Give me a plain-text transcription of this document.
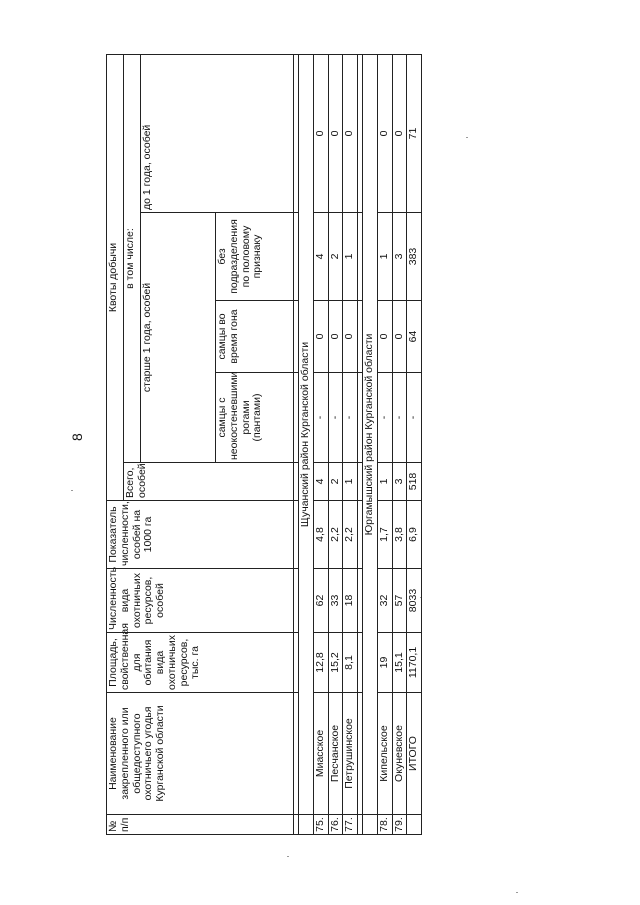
8
№ п/п	Наименование закрепленного или общедоступного охотничьего угодья Курганской области	Площадь, свойственная для обитания вида охотничьих ресурсов, тыс. га	Численность вида охотничьих ресурсов, особей	Показатель численности, особей на 1000 га	Квоты добычи				
					Всего, особей	в том числе:			
						старше 1 года, особей			до 1 года, особей
						самцы с неокостеневшими рогами (пантами)	самцы во время гона	без подразделения по половому признаку	

	Щучанский район Курганской области								
75.	Миасское	12,8	62	4,8	4	-	0	4	0
76.	Песчанское	15,2	33	2,2	2	-	0	2	0
77.	Петрушинское	8,1	18	2,2	1	-	0	1	0

	Юргамышский район Курганской области								
78.	Кипельское	19	32	1,7	1	-	0	1	0
79.	Окуневское	15,1	57	3,8	3	-	0	3	0
	ИТОГО	1170,1	8033	6,9	518	-	64	383	71
